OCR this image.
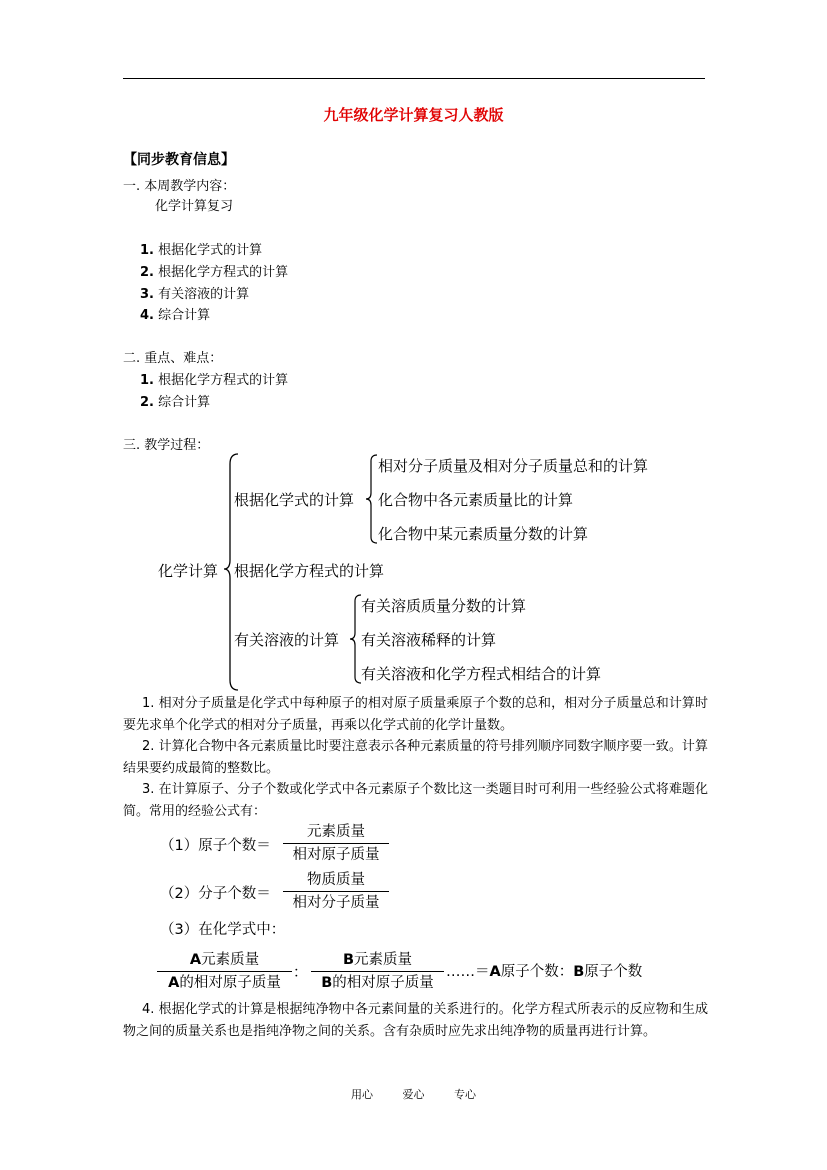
九年级化学计算复习人教版
【同步教育信息】
一. 本周教学内容：
化学计算复习
1. 根据化学式的计算
2. 根据化学方程式的计算
3. 有关溶液的计算
4. 综合计算
二. 重点、难点：
1. 根据化学方程式的计算
2. 综合计算
三. 教学过程：
化学计算
根据化学式的计算
相对分子质量及相对分子质量总和的计算
化合物中各元素质量比的计算
化合物中某元素质量分数的计算
根据化学方程式的计算
有关溶液的计算
有关溶质质量分数的计算
有关溶液稀释的计算
有关溶液和化学方程式相结合的计算
1. 相对分子质量是化学式中每种原子的相对原子质量乘原子个数的总和，相对分子质量总和计算时要先求单个化学式的相对分子质量，再乘以化学式前的化学计量数。
2. 计算化合物中各元素质量比时要注意表示各种元素质量的符号排列顺序同数字顺序要一致。计算结果要约成最简的整数比。
3. 在计算原子、分子个数或化学式中各元素原子个数比这一类题目时可利用一些经验公式将难题化简。常用的经验公式有：
（1）原子个数＝
元素质量
相对原子质量
（2）分子个数＝
物质质量
相对分子质量
（3）在化学式中：
A元素质量
A的相对原子质量
：
B元素质量
B的相对原子质量
……＝A原子个数：B原子个数
4. 根据化学式的计算是根据纯净物中各元素间量的关系进行的。化学方程式所表示的反应物和生成物之间的质量关系也是指纯净物之间的关系。含有杂质时应先求出纯净物的质量再进行计算。
用心	爱心	专心
